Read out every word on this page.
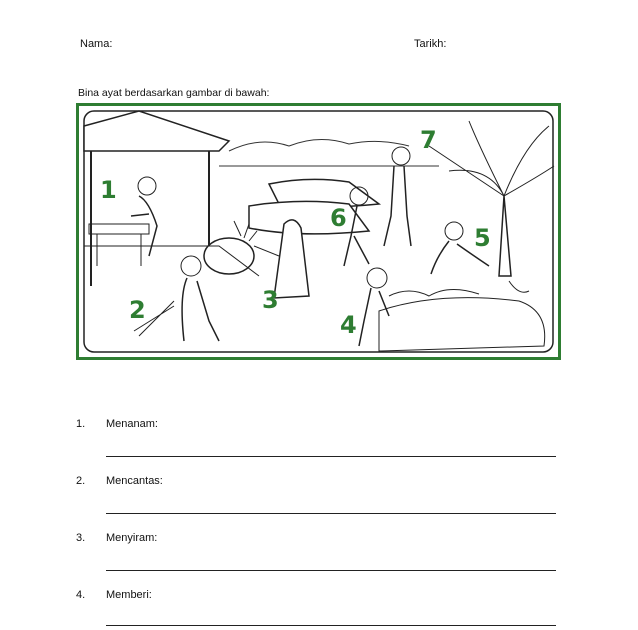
Nama:	Tarikh:
Bina ayat berdasarkan gambar di bawah:
1
2	3
4
5
6
7
1. Menanam:
2. Mencantas:
3. Menyiram:
4. Memberi:
